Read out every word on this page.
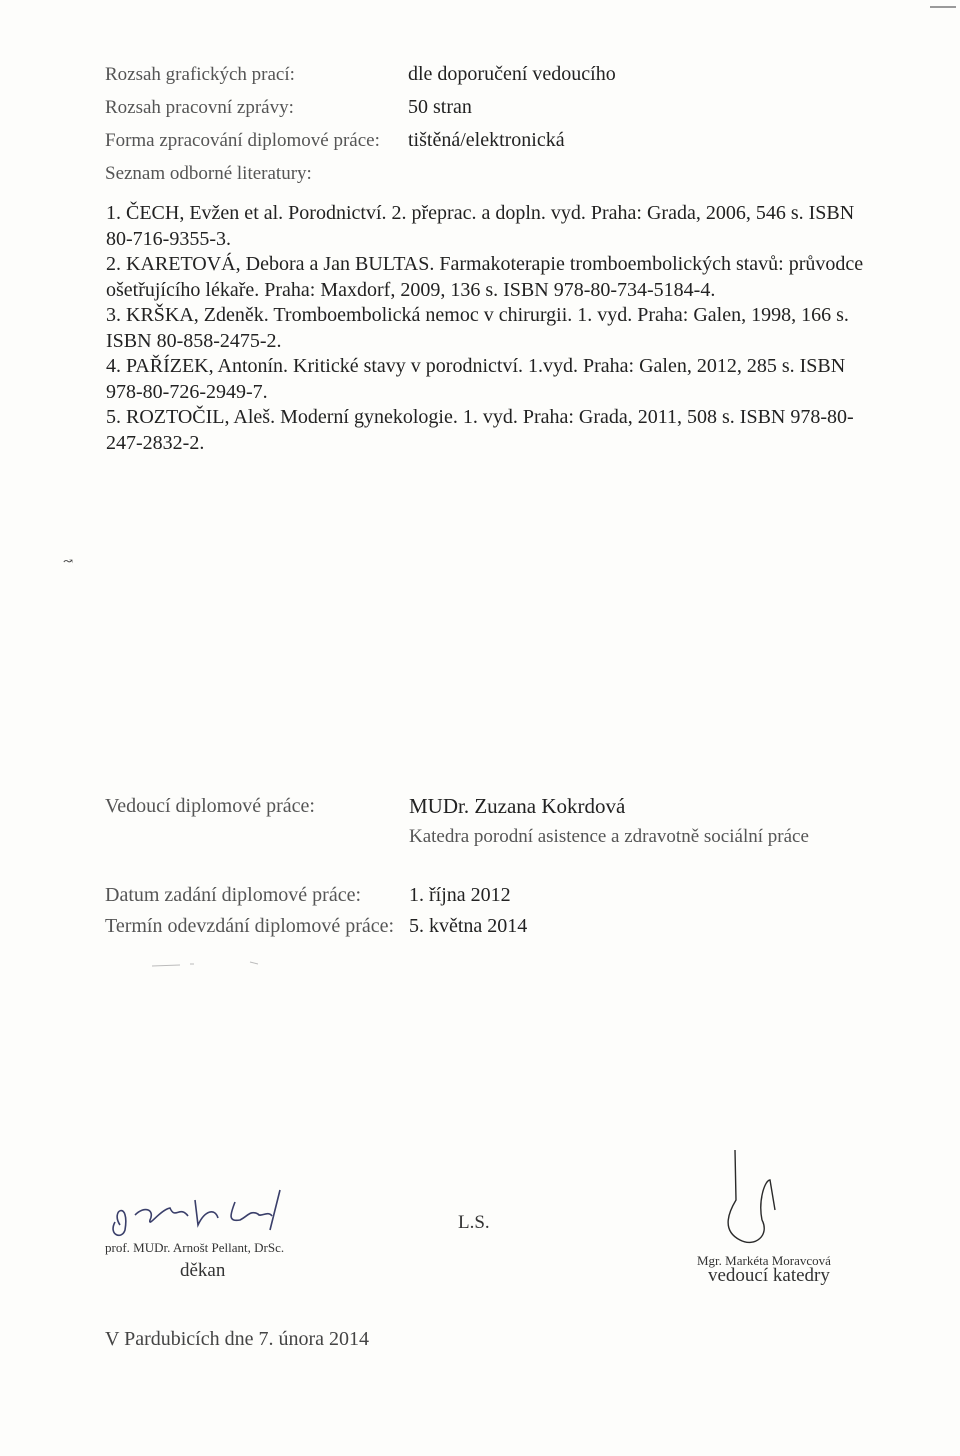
Rozsah grafických prací:	dle doporučení vedoucího
Rozsah pracovní zprávy:	50 stran
Forma zpracování diplomové práce:	tištěná/elektronická
Seznam odborné literatury:

1. ČECH, Evžen et al. Porodnictví. 2. přeprac. a dopln. vyd. Praha: Grada, 2006, 546 s. ISBN 80-716-9355-3.

2. KARETOVÁ, Debora a Jan BULTAS. Farmakoterapie tromboembolických stavů: průvodce ošetřujícího lékaře. Praha: Maxdorf, 2009, 136 s. ISBN 978-80-734-5184-4.

3. KRŠKA, Zdeněk. Tromboembolická nemoc v chirurgii. 1. vyd. Praha: Galen, 1998, 166 s. ISBN 80-858-2475-2.

4. PAŘÍZEK, Antonín. Kritické stavy v porodnictví. 1.vyd. Praha: Galen, 2012, 285 s. ISBN 978-80-726-2949-7.

5. ROZTOČIL, Aleš. Moderní gynekologie. 1. vyd. Praha: Grada, 2011, 508 s. ISBN 978-80-247-2832-2.

↝
Vedoucí diplomové práce:	MUDr. Zuzana Kokrdová
Katedra porodní asistence a zdravotně sociální práce
Datum zadání diplomové práce:	1. října 2012
Termín odevzdání diplomové práce: 5. května 2014
prof. MUDr. Arnošt Pellant, DrSc.
děkan
L.S.
Mgr. Markéta Moravcová
vedoucí katedry
V Pardubicích dne 7. února 2014
